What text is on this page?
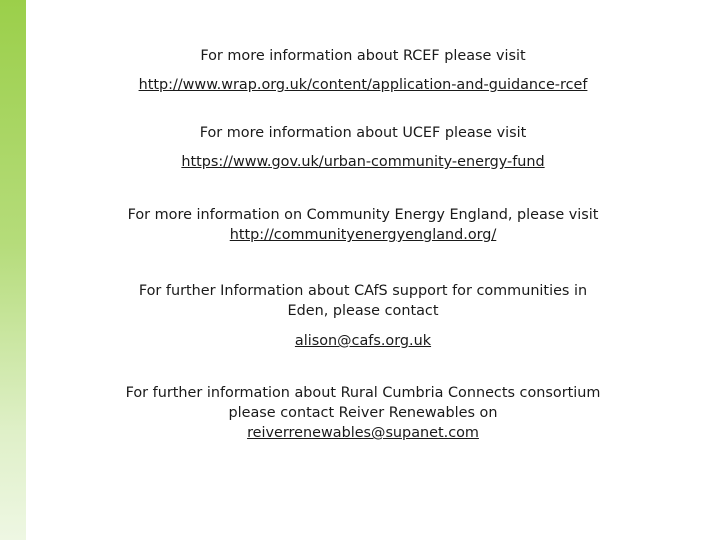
For more information about RCEF please visit
http://www.wrap.org.uk/content/application-and-guidance-rcef
For more information about UCEF please visit
https://www.gov.uk/urban-community-energy-fund
For more information on Community Energy England, please visit
http://communityenergyengland.org/
For further Information about CAfS support for communities in
Eden, please contact
alison@cafs.org.uk
For further information about Rural Cumbria Connects consortium
please contact Reiver Renewables on
reiverrenewables@supanet.com
